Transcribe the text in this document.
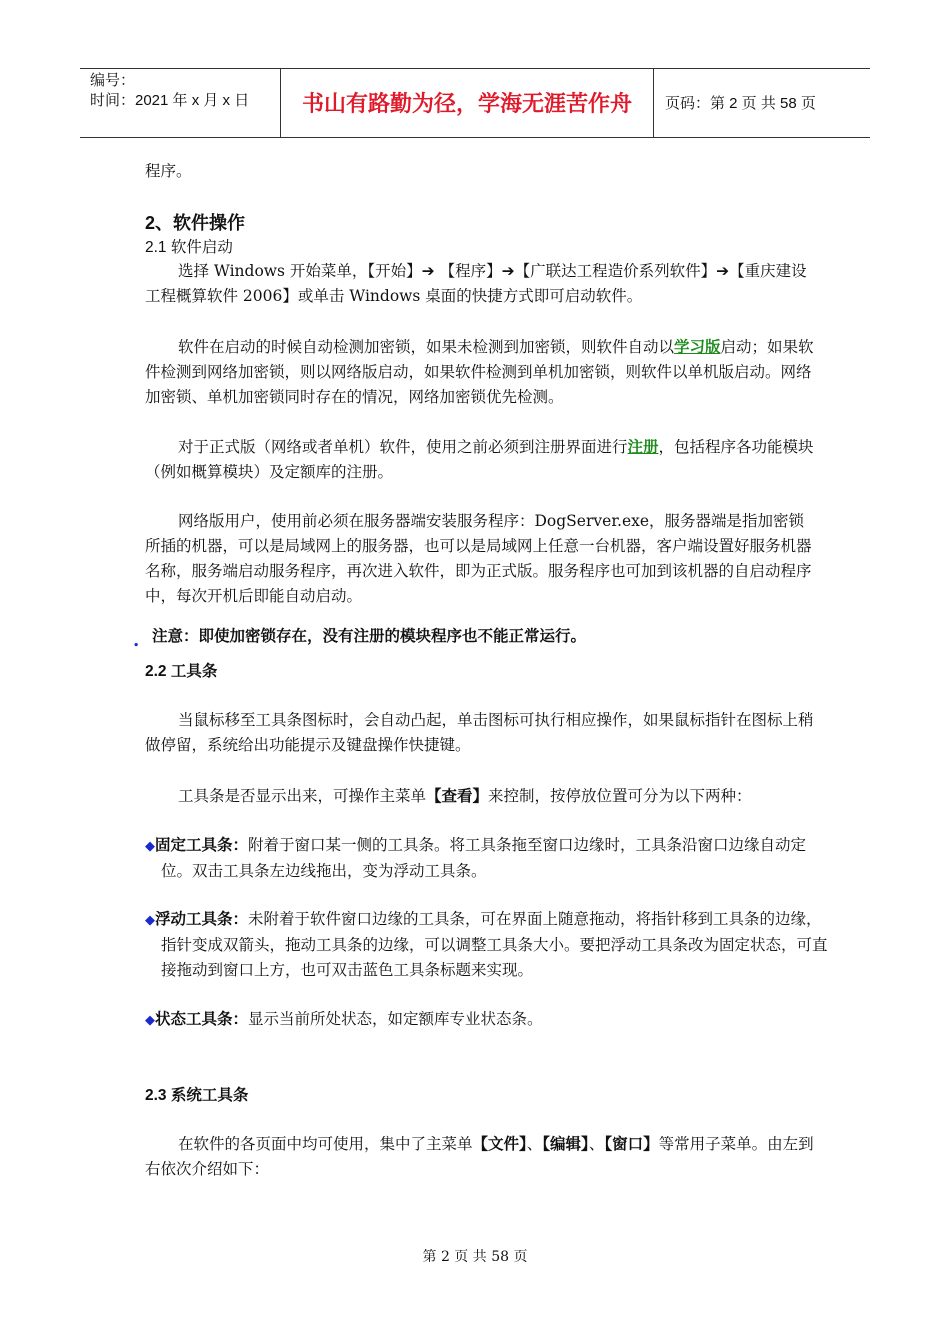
编号：
时间：2021 年 x 月 x 日	书山有路勤为径，学海无涯苦作舟	页码：第 2 页 共 58 页

程序。

2、软件操作
2.1 软件启动

选择 Windows 开始菜单，【开始】➔ 【程序】➔【广联达工程造价系列软件】➔【重庆建设工程概算软件 2006】或单击 Windows 桌面的快捷方式即可启动软件。

软件在启动的时候自动检测加密锁，如果未检测到加密锁，则软件自动以学习版启动；如果软件检测到网络加密锁，则以网络版启动，如果软件检测到单机加密锁，则软件以单机版启动。网络加密锁、单机加密锁同时存在的情况，网络加密锁优先检测。

对于正式版（网络或者单机）软件，使用之前必须到注册界面进行注册，包括程序各功能模块（例如概算模块）及定额库的注册。

网络版用户，使用前必须在服务器端安装服务程序：DogServer.exe，服务器端是指加密锁所插的机器，可以是局域网上的服务器，也可以是局域网上任意一台机器，客户端设置好服务机器名称，服务端启动服务程序，再次进入软件，即为正式版。服务程序也可加到该机器的自启动程序中，每次开机后即能自动启动。

. 注意：即使加密锁存在，没有注册的模块程序也不能正常运行。

2.2 工具条

当鼠标移至工具条图标时，会自动凸起，单击图标可执行相应操作，如果鼠标指针在图标上稍做停留，系统给出功能提示及键盘操作快捷键。

工具条是否显示出来，可操作主菜单【查看】来控制，按停放位置可分为以下两种：

◆固定工具条：附着于窗口某一侧的工具条。将工具条拖至窗口边缘时，工具条沿窗口边缘自动定位。双击工具条左边线拖出，变为浮动工具条。

◆浮动工具条：未附着于软件窗口边缘的工具条，可在界面上随意拖动，将指针移到工具条的边缘，指针变成双箭头，拖动工具条的边缘，可以调整工具条大小。要把浮动工具条改为固定状态，可直接拖动到窗口上方，也可双击蓝色工具条标题来实现。

◆状态工具条：显示当前所处状态，如定额库专业状态条。

2.3 系统工具条

在软件的各页面中均可使用，集中了主菜单【文件】、【编辑】、【窗口】等常用子菜单。由左到右依次介绍如下：

第 2 页 共 58 页
